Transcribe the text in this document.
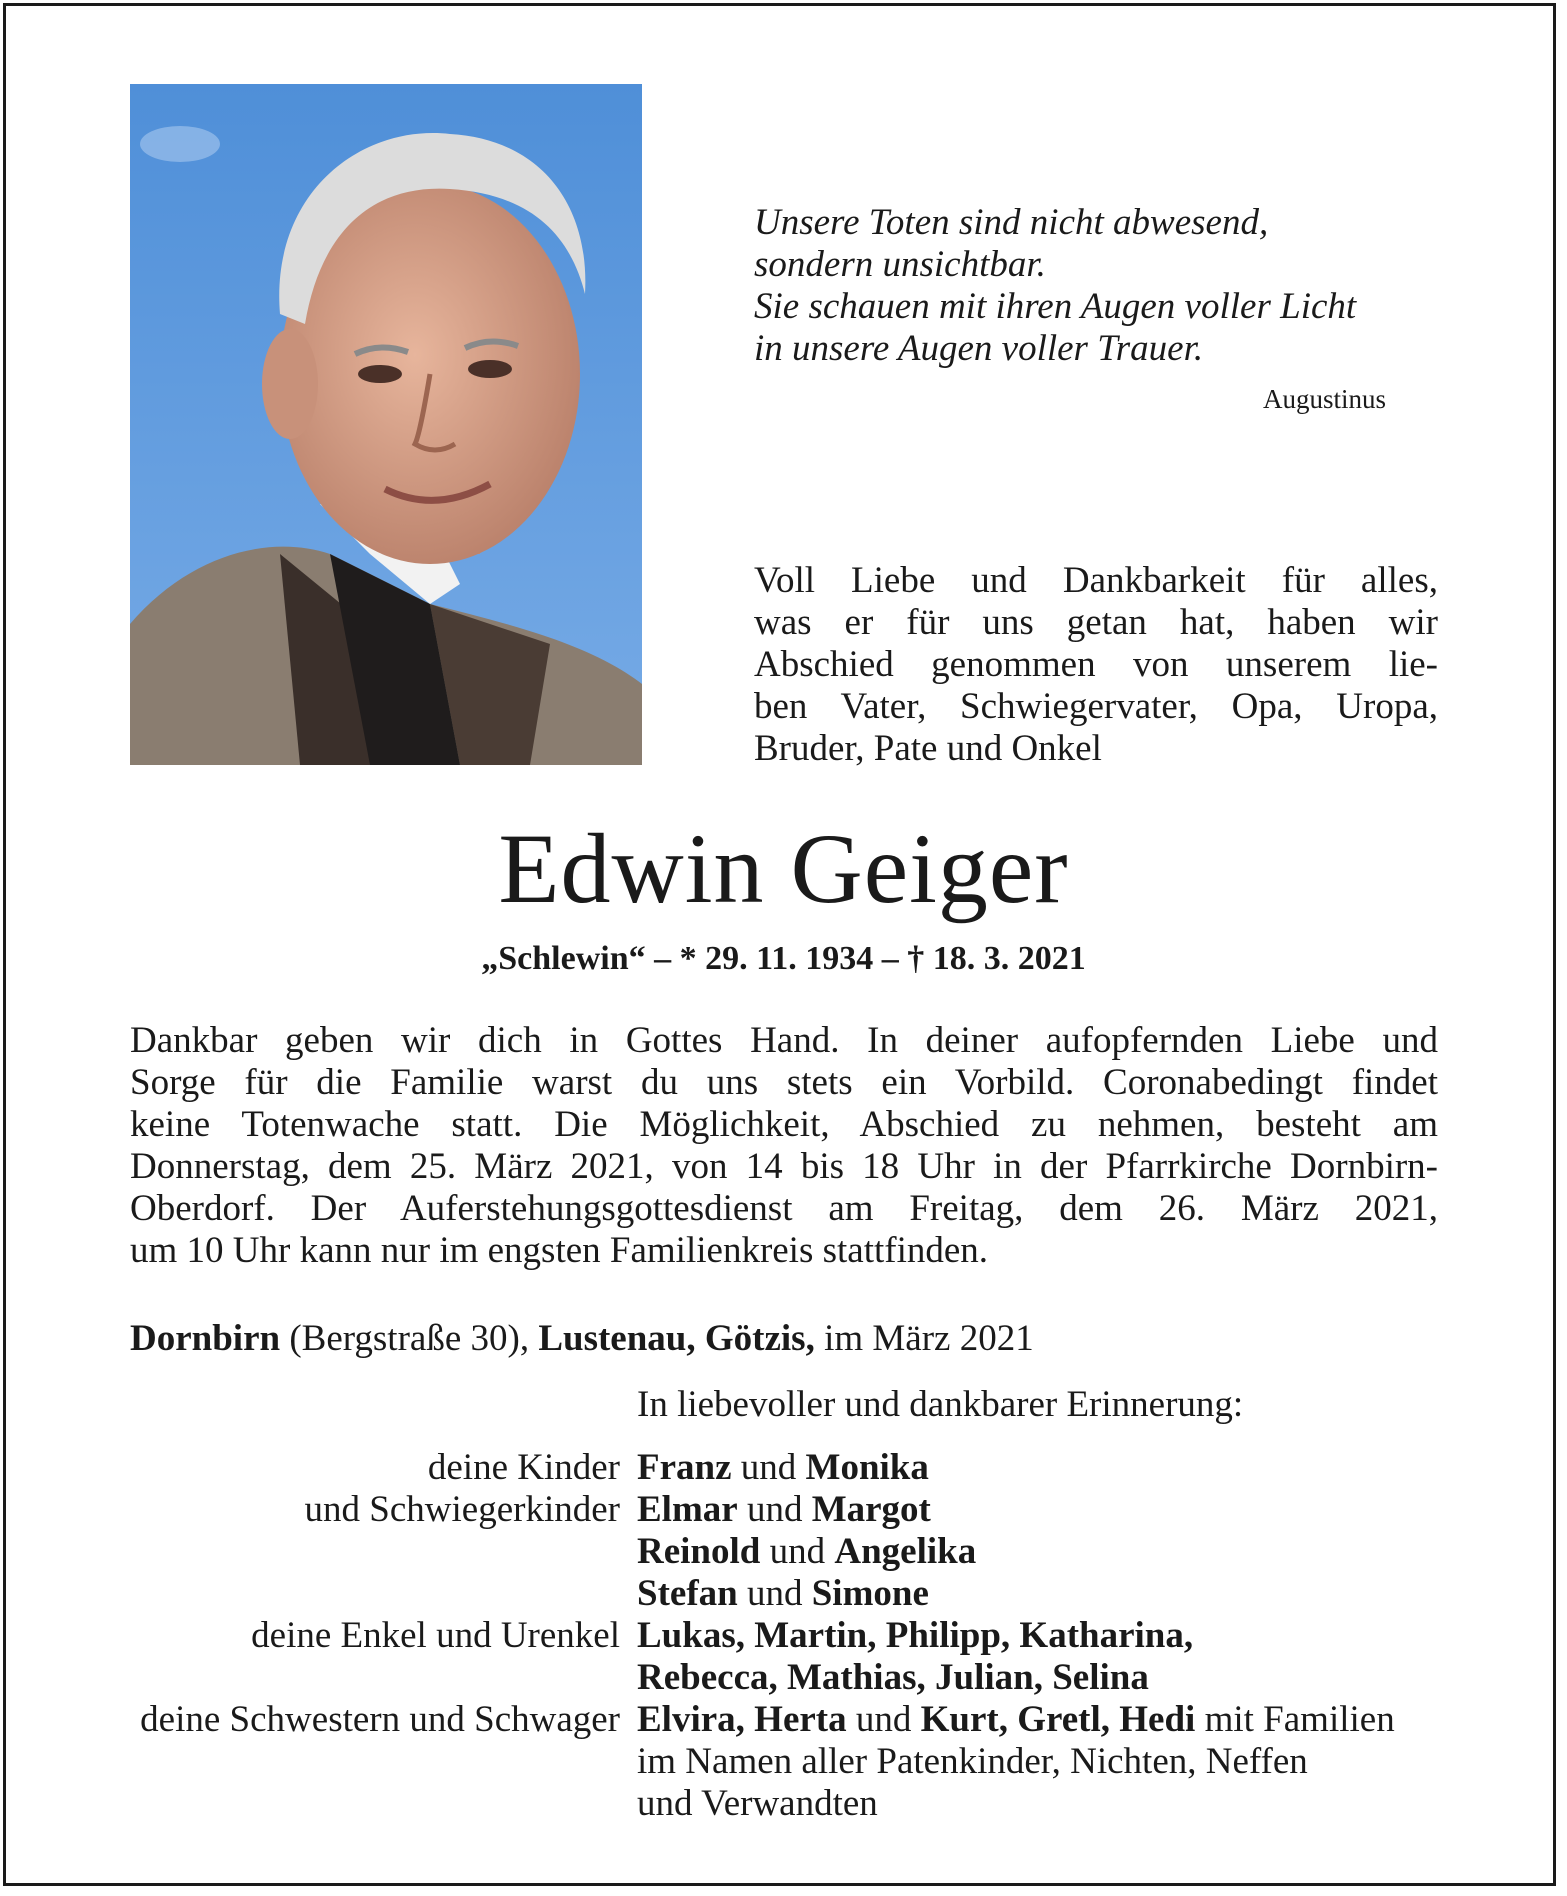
Unsere Toten sind nicht abwesend,
sondern unsichtbar.
Sie schauen mit ihren Augen voller Licht
in unsere Augen voller Trauer.
Augustinus
Voll Liebe und Dankbarkeit für alles,
was er für uns getan hat, haben wir
Abschied genommen von unserem lie-
ben Vater, Schwiegervater, Opa, Uropa,
Bruder, Pate und Onkel
Edwin Geiger
„Schlewin“ – * 29. 11. 1934 – † 18. 3. 2021
Dankbar geben wir dich in Gottes Hand. In deiner aufopfernden Liebe und
Sorge für die Familie warst du uns stets ein Vorbild. Coronabedingt findet
keine Totenwache statt. Die Möglichkeit, Abschied zu nehmen, besteht am
Donnerstag, dem 25. März 2021, von 14 bis 18 Uhr in der Pfarrkirche Dornbirn-
Oberdorf. Der Auferstehungsgottesdienst am Freitag, dem 26. März 2021,
um 10 Uhr kann nur im engsten Familienkreis stattfinden.
Dornbirn (Bergstraße 30), Lustenau, Götzis, im März 2021
In liebevoller und dankbarer Erinnerung:
deine Kinder Franz und Monika
und Schwiegerkinder Elmar und Margot
Reinold und Angelika
Stefan und Simone
deine Enkel und Urenkel Lukas, Martin, Philipp, Katharina,
Rebecca, Mathias, Julian, Selina
deine Schwestern und Schwager Elvira, Herta und Kurt, Gretl, Hedi mit Familien
im Namen aller Patenkinder, Nichten, Neffen
und Verwandten
